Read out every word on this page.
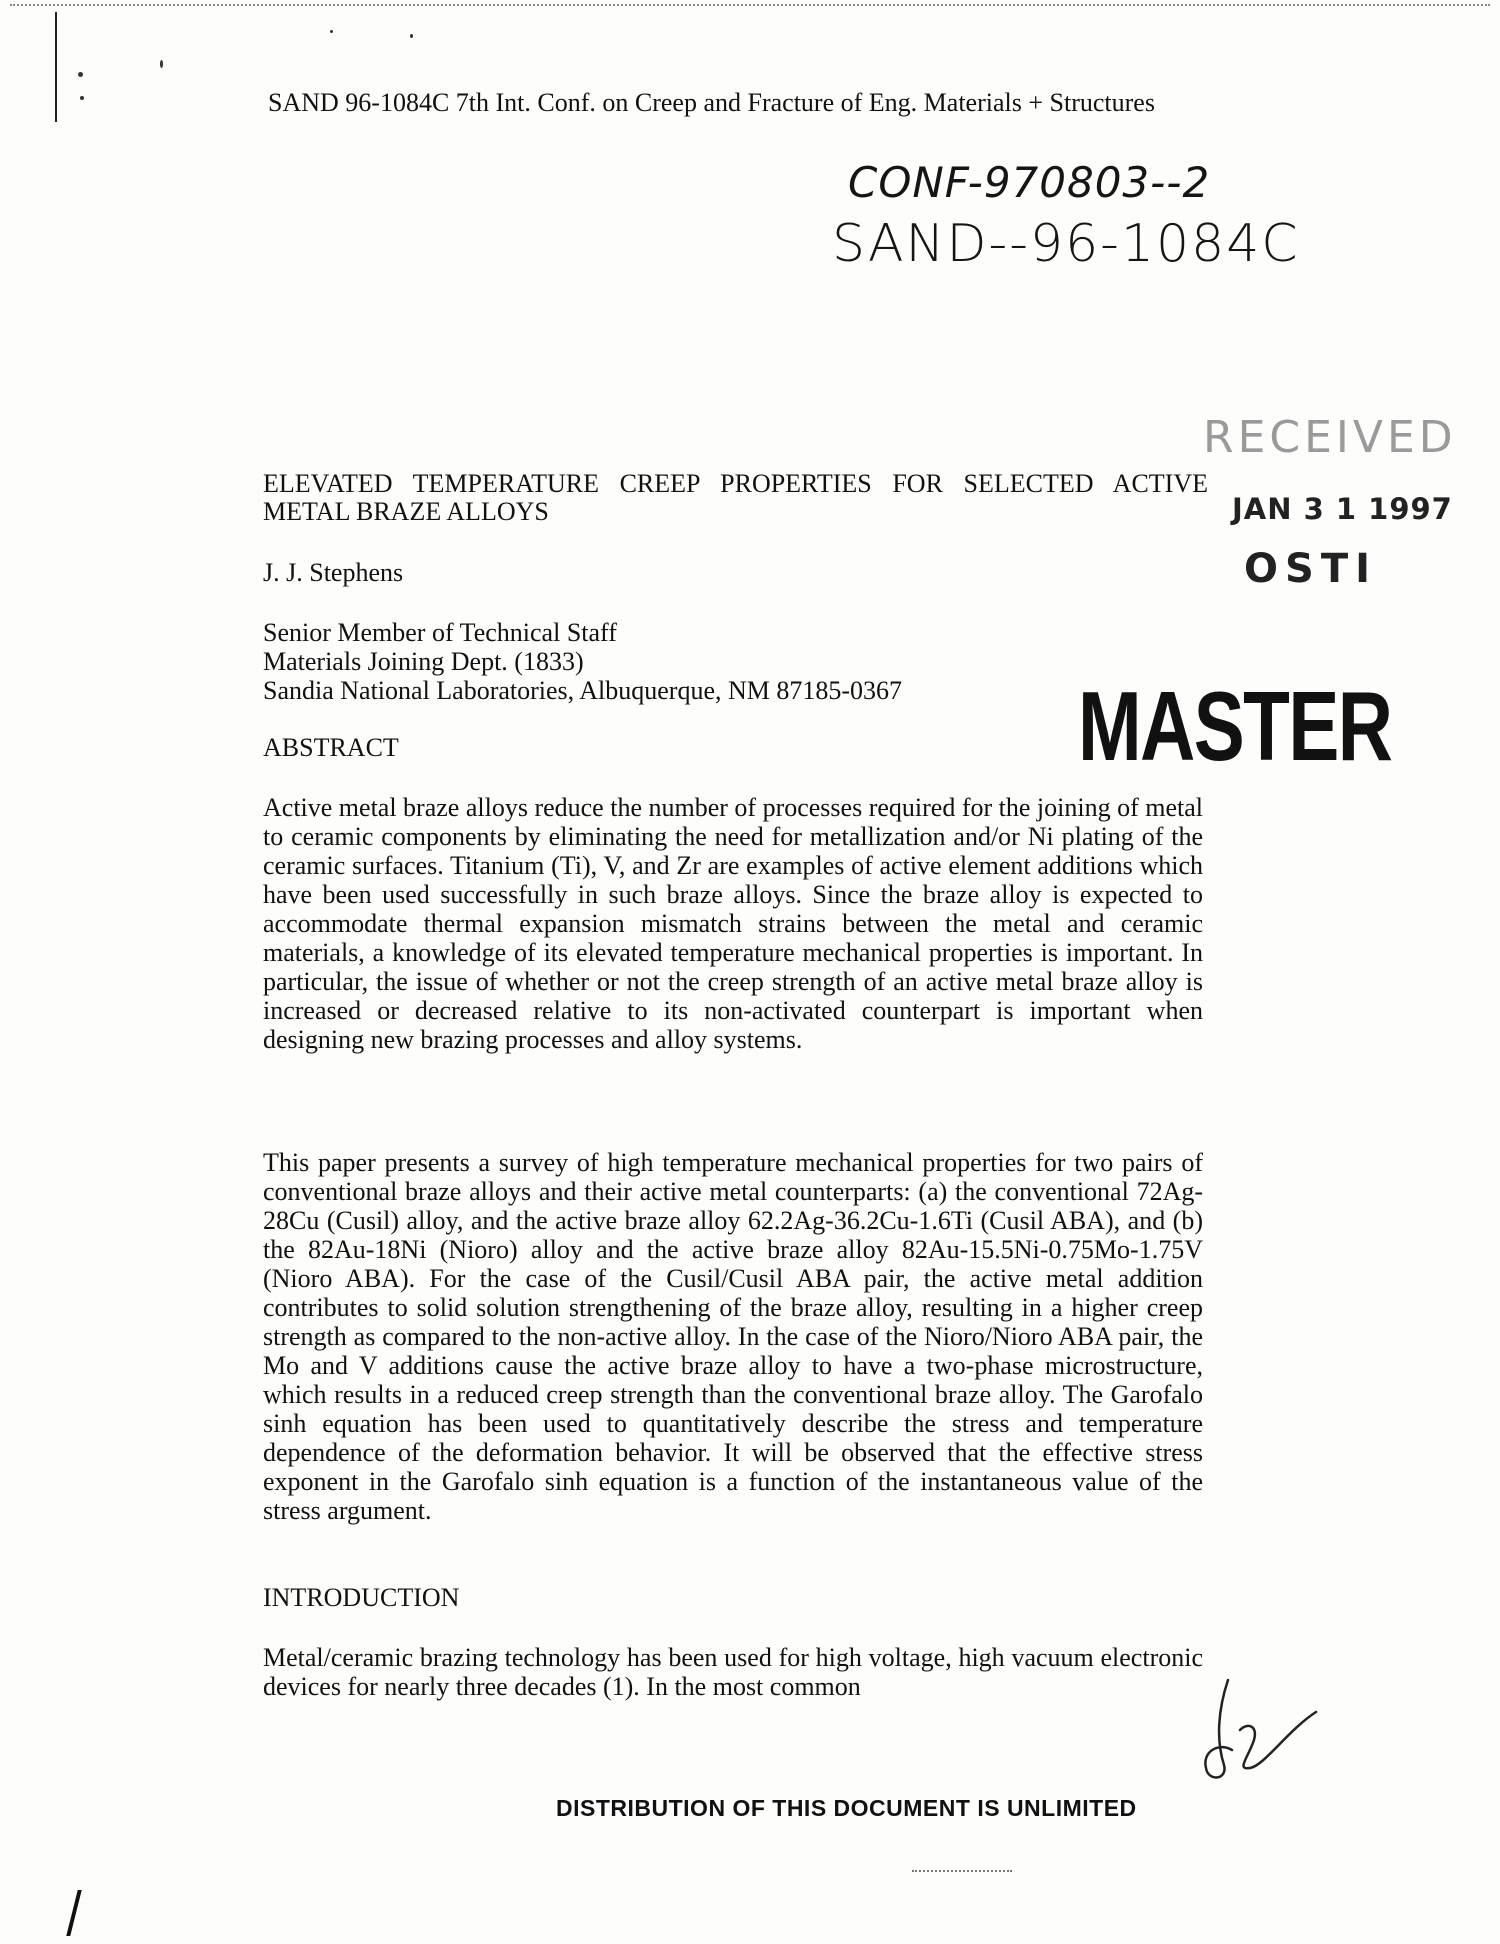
SAND 96-1084C 7th Int. Conf. on Creep and Fracture of Eng. Materials + Structures
CONF-970803--2
SAND--96-1084C
RECEIVED
JAN 3 1 1997
OSTI
MASTER
ELEVATED TEMPERATURE CREEP PROPERTIES FOR SELECTED ACTIVE METAL BRAZE ALLOYS
J. J. Stephens
Senior Member of Technical Staff
Materials Joining Dept. (1833)
Sandia National Laboratories, Albuquerque, NM 87185-0367
ABSTRACT

Active metal braze alloys reduce the number of processes required for the joining of metal to ceramic components by eliminating the need for metallization and/or Ni plating of the ceramic surfaces. Titanium (Ti), V, and Zr are examples of active element additions which have been used successfully in such braze alloys. Since the braze alloy is expected to accommodate thermal expansion mismatch strains between the metal and ceramic materials, a knowledge of its elevated temperature mechanical properties is important. In particular, the issue of whether or not the creep strength of an active metal braze alloy is increased or decreased relative to its non-activated counterpart is important when designing new brazing processes and alloy systems.

This paper presents a survey of high temperature mechanical properties for two pairs of conventional braze alloys and their active metal counterparts: (a) the conventional 72Ag-28Cu (Cusil) alloy, and the active braze alloy 62.2Ag-36.2Cu-1.6Ti (Cusil ABA), and (b) the 82Au-18Ni (Nioro) alloy and the active braze alloy 82Au-15.5Ni-0.75Mo-1.75V (Nioro ABA). For the case of the Cusil/Cusil ABA pair, the active metal addition contributes to solid solution strengthening of the braze alloy, resulting in a higher creep strength as compared to the non-active alloy. In the case of the Nioro/Nioro ABA pair, the Mo and V additions cause the active braze alloy to have a two-phase microstructure, which results in a reduced creep strength than the conventional braze alloy. The Garofalo sinh equation has been used to quantitatively describe the stress and temperature dependence of the deformation behavior. It will be observed that the effective stress exponent in the Garofalo sinh equation is a function of the instantaneous value of the stress argument.

INTRODUCTION

Metal/ceramic brazing technology has been used for high voltage, high vacuum electronic devices for nearly three decades (1). In the most common

DISTRIBUTION OF THIS DOCUMENT IS UNLIMITED
